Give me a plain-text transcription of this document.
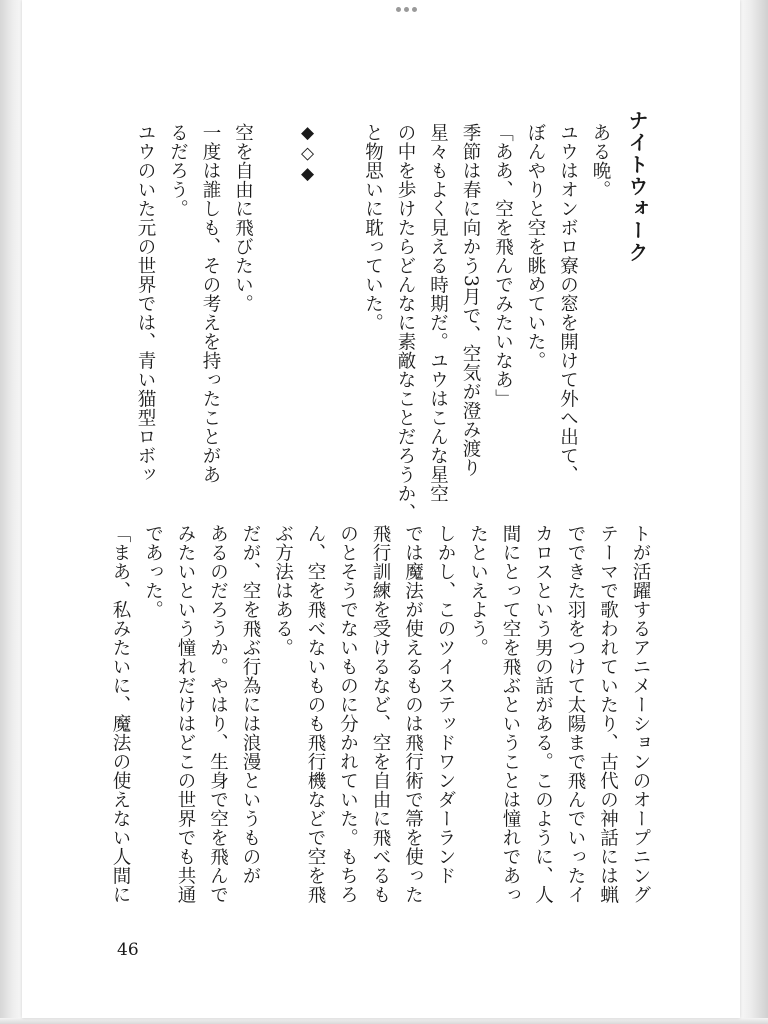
ナイトウォーク
ある晩。
ユウはオンボロ寮の窓を開けて外へ出て、
ぼんやりと空を眺めていた。
「ああ、空を飛んでみたいなあ」
季節は春に向かう3月で、空気が澄み渡り
星々もよく見える時期だ。ユウはこんな星空
の中を歩けたらどんなに素敵なことだろうか、
と物思いに耽っていた。
◆◇◆
空を自由に飛びたい。
一度は誰しも、その考えを持ったことがあ
るだろう。
ユウのいた元の世界では、青い猫型ロボッ
トが活躍するアニメーションのオープニング
テーマで歌われていたり、古代の神話には蝋
でできた羽をつけて太陽まで飛んでいったイ
カロスという男の話がある。このように、人
間にとって空を飛ぶということは憧れであっ
たといえよう。
しかし、このツイステッドワンダーランド
では魔法が使えるものは飛行術で箒を使った
飛行訓練を受けるなど、空を自由に飛べるも
のとそうでないものに分かれていた。もちろ
ん、空を飛べないものも飛行機などで空を飛
ぶ方法はある。
だが、空を飛ぶ行為には浪漫というものが
あるのだろうか。やはり、生身で空を飛んで
みたいという憧れだけはどこの世界でも共通
であった。
「まあ、私みたいに、魔法の使えない人間に
46
